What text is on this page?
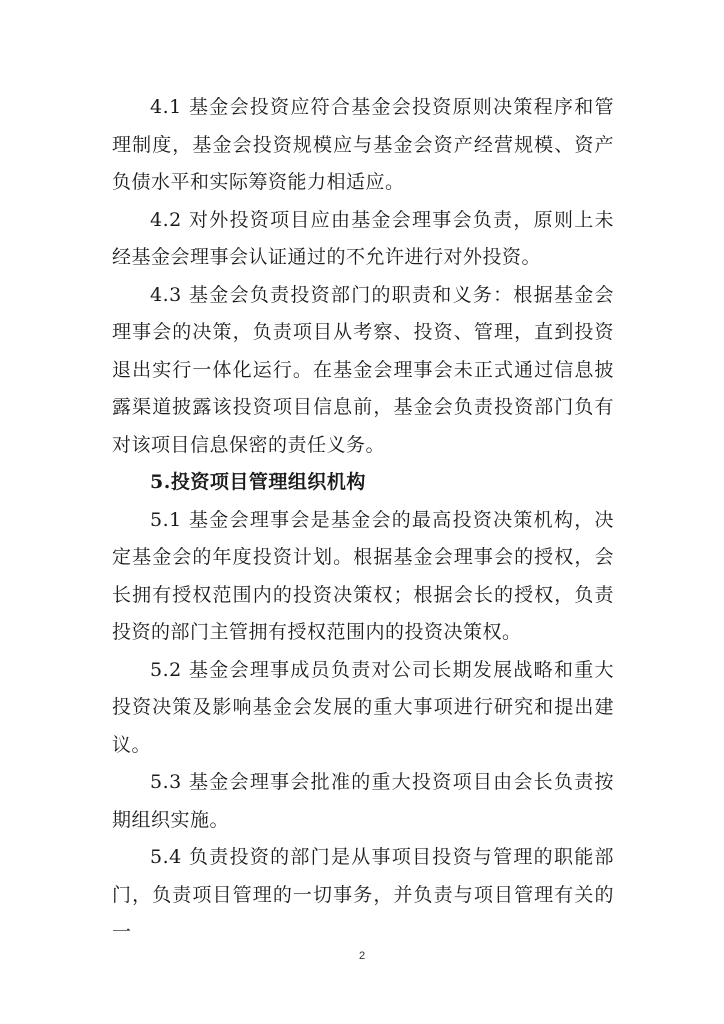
4.1 基金会投资应符合基金会投资原则决策程序和管理制度，基金会投资规模应与基金会资产经营规模、资产负债水平和实际筹资能力相适应。

4.2 对外投资项目应由基金会理事会负责，原则上未经基金会理事会认证通过的不允许进行对外投资。

4.3 基金会负责投资部门的职责和义务：根据基金会理事会的决策，负责项目从考察、投资、管理，直到投资退出实行一体化运行。在基金会理事会未正式通过信息披露渠道披露该投资项目信息前，基金会负责投资部门负有对该项目信息保密的责任义务。

5.投资项目管理组织机构

5.1 基金会理事会是基金会的最高投资决策机构，决定基金会的年度投资计划。根据基金会理事会的授权，会长拥有授权范围内的投资决策权；根据会长的授权，负责投资的部门主管拥有授权范围内的投资决策权。

5.2 基金会理事成员负责对公司长期发展战略和重大投资决策及影响基金会发展的重大事项进行研究和提出建议。

5.3 基金会理事会批准的重大投资项目由会长负责按期组织实施。

5.4 负责投资的部门是从事项目投资与管理的职能部门，负责项目管理的一切事务，并负责与项目管理有关的一

2
